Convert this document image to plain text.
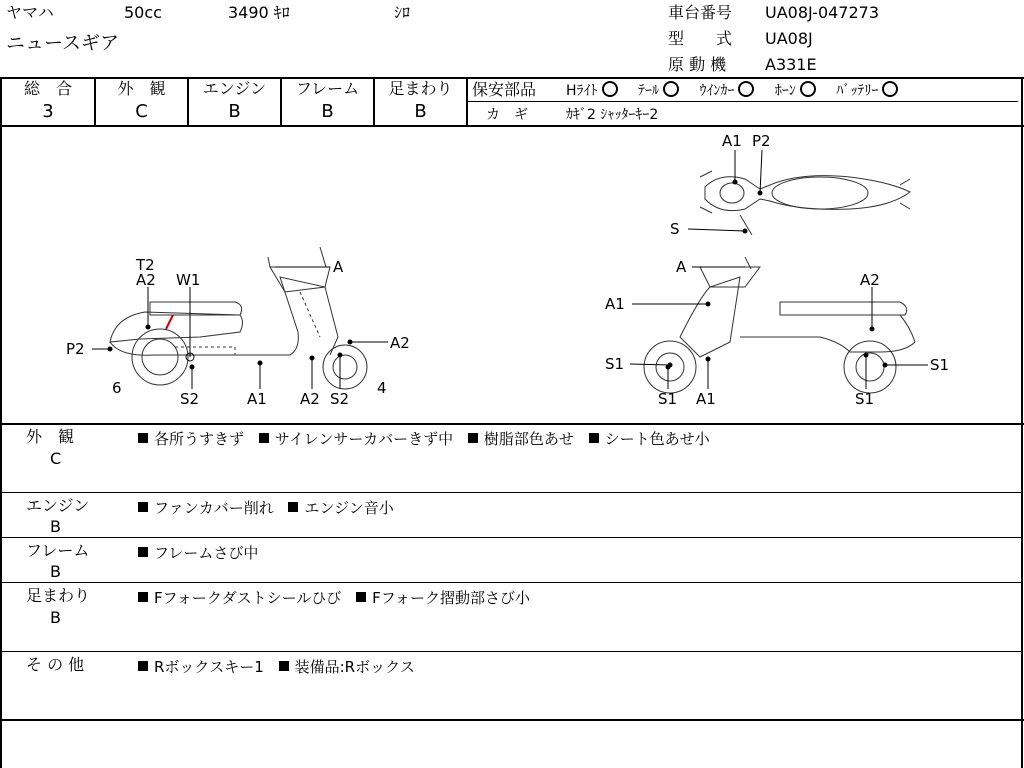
ヤマハ	50cc	3490 ｷﾛ	ｼﾛ
ニュースギア
車台番号 UA08J-047273
型　　式 UA08J
原 動 機 A331E
総　合
3
外　観
C
エンジン
B
フレーム
B
足まわり
B
保安部品 Hﾗｲﾄ	ﾃｰﾙ	ｳｲﾝｶｰ	ﾎｰﾝ	ﾊﾞｯﾃﾘｰ
カ　ギ	ｶｷﾞ2 ｼｬｯﾀｰｷｰ2
A1 P2
S
T2
A2 W1
A
P2	A2
6
S2	A1 A2 S2
4
A
A2
A1
S1	S1
S1 A1	S1
外　観
C
各所うすきず サイレンサーカバーきず中 樹脂部色あせ シート色あせ小
エンジン
B
ファンカバー削れ エンジン音小
フレーム
B
フレームさび中
足まわり
B
Fフォークダストシールひび Fフォーク摺動部さび小
そ の 他	Rボックスキー1 装備品:Rボックス
